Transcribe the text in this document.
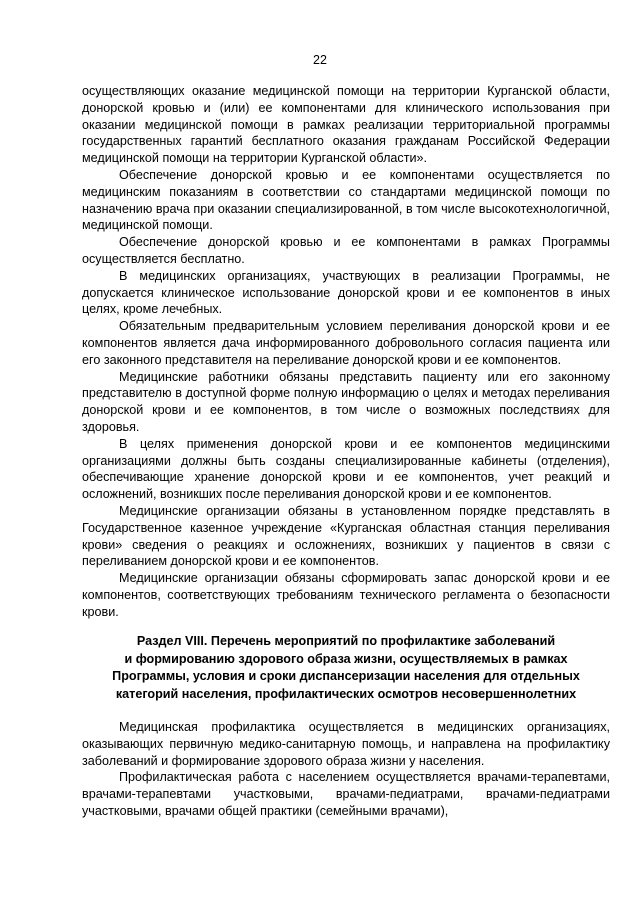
22

осуществляющих оказание медицинской помощи на территории Курганской области, донорской кровью и (или) ее компонентами для клинического использования при оказании медицинской помощи в рамках реализации территориальной программы государственных гарантий бесплатного оказания гражданам Российской Федерации медицинской помощи на территории Курганской области».

Обеспечение донорской кровью и ее компонентами осуществляется по медицинским показаниям в соответствии со стандартами медицинской помощи по назначению врача при оказании специализированной, в том числе высокотехнологичной, медицинской помощи.

Обеспечение донорской кровью и ее компонентами в рамках Программы осуществляется бесплатно.

В медицинских организациях, участвующих в реализации Программы, не допускается клиническое использование донорской крови и ее компонентов в иных целях, кроме лечебных.

Обязательным предварительным условием переливания донорской крови и ее компонентов является дача информированного добровольного согласия пациента или его законного представителя на переливание донорской крови и ее компонентов.

Медицинские работники обязаны представить пациенту или его законному представителю в доступной форме полную информацию о целях и методах переливания донорской крови и ее компонентов, в том числе о возможных последствиях для здоровья.

В целях применения донорской крови и ее компонентов медицинскими организациями должны быть созданы специализированные кабинеты (отделения), обеспечивающие хранение донорской крови и ее компонентов, учет реакций и осложнений, возникших после переливания донорской крови и ее компонентов.

Медицинские организации обязаны в установленном порядке представлять в Государственное казенное учреждение «Курганская областная станция переливания крови» сведения о реакциях и осложнениях, возникших у пациентов в связи с переливанием донорской крови и ее компонентов.

Медицинские организации обязаны сформировать запас донорской крови и ее компонентов, соответствующих требованиям технического регламента о безопасности крови.

Раздел VIII. Перечень мероприятий по профилактике заболеваний
и формированию здорового образа жизни, осуществляемых в рамках
Программы, условия и сроки диспансеризации населения для отдельных
категорий населения, профилактических осмотров несовершеннолетних

Медицинская профилактика осуществляется в медицинских организациях, оказывающих первичную медико-санитарную помощь, и направлена на профилактику заболеваний и формирование здорового образа жизни у населения.

Профилактическая работа с населением осуществляется врачами-терапевтами, врачами-терапевтами участковыми, врачами-педиатрами, врачами-педиатрами участковыми, врачами общей практики (семейными врачами),
